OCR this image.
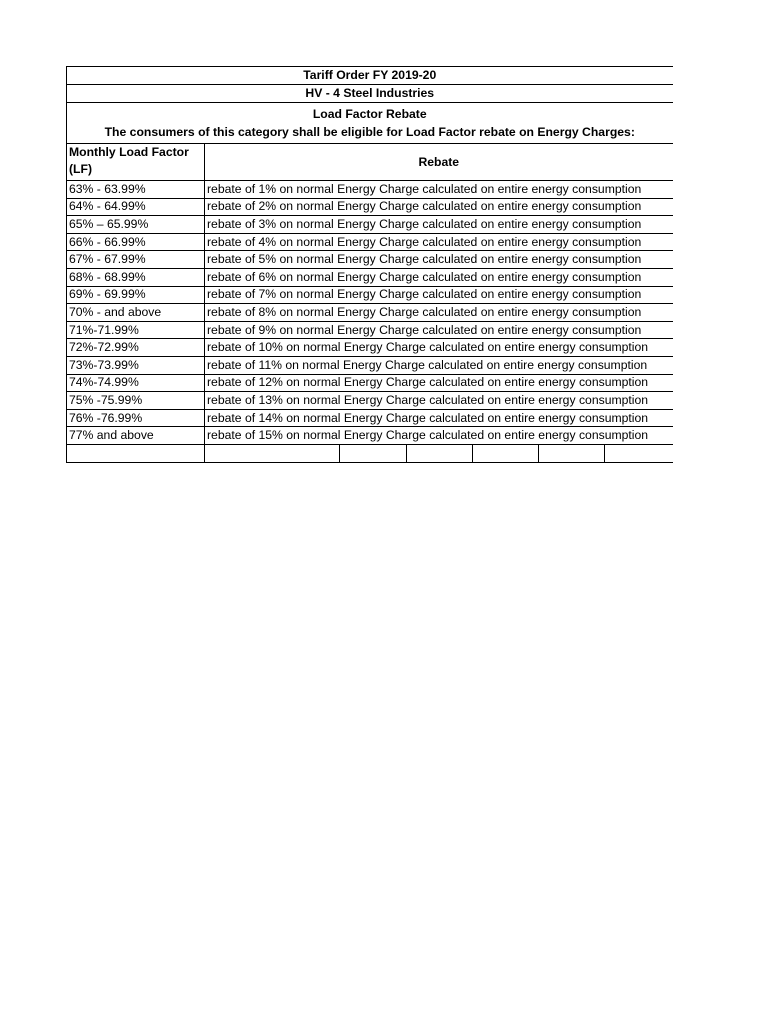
Tariff Order FY 2019-20						
HV - 4 Steel Industries						

Load Factor Rebate
The consumers of this category shall be eligible for Load Factor rebate on Energy Charges:						

Monthly Load Factor (LF)	Rebate					
63% - 63.99%	rebate of 1% on normal Energy Charge calculated on entire energy consumption					
64% - 64.99%	rebate of 2% on normal Energy Charge calculated on entire energy consumption					
65% – 65.99%	rebate of 3% on normal Energy Charge calculated on entire energy consumption					
66% - 66.99%	rebate of 4% on normal Energy Charge calculated on entire energy consumption					
67% - 67.99%	rebate of 5% on normal Energy Charge calculated on entire energy consumption					
68% - 68.99%	rebate of 6% on normal Energy Charge calculated on entire energy consumption					
69% - 69.99%	rebate of 7% on normal Energy Charge calculated on entire energy consumption					
70% - and above	rebate of 8% on normal Energy Charge calculated on entire energy consumption					
71%-71.99%	rebate of 9% on normal Energy Charge calculated on entire energy consumption					
72%-72.99%	rebate of 10% on normal Energy Charge calculated on entire energy consumption					
73%-73.99%	rebate of 11% on normal Energy Charge calculated on entire energy consumption					
74%-74.99%	rebate of 12% on normal Energy Charge calculated on entire energy consumption					
75% -75.99%	rebate of 13% on normal Energy Charge calculated on entire energy consumption					
76% -76.99%	rebate of 14% on normal Energy Charge calculated on entire energy consumption					
77% and above	rebate of 15% on normal Energy Charge calculated on entire energy consumption					
